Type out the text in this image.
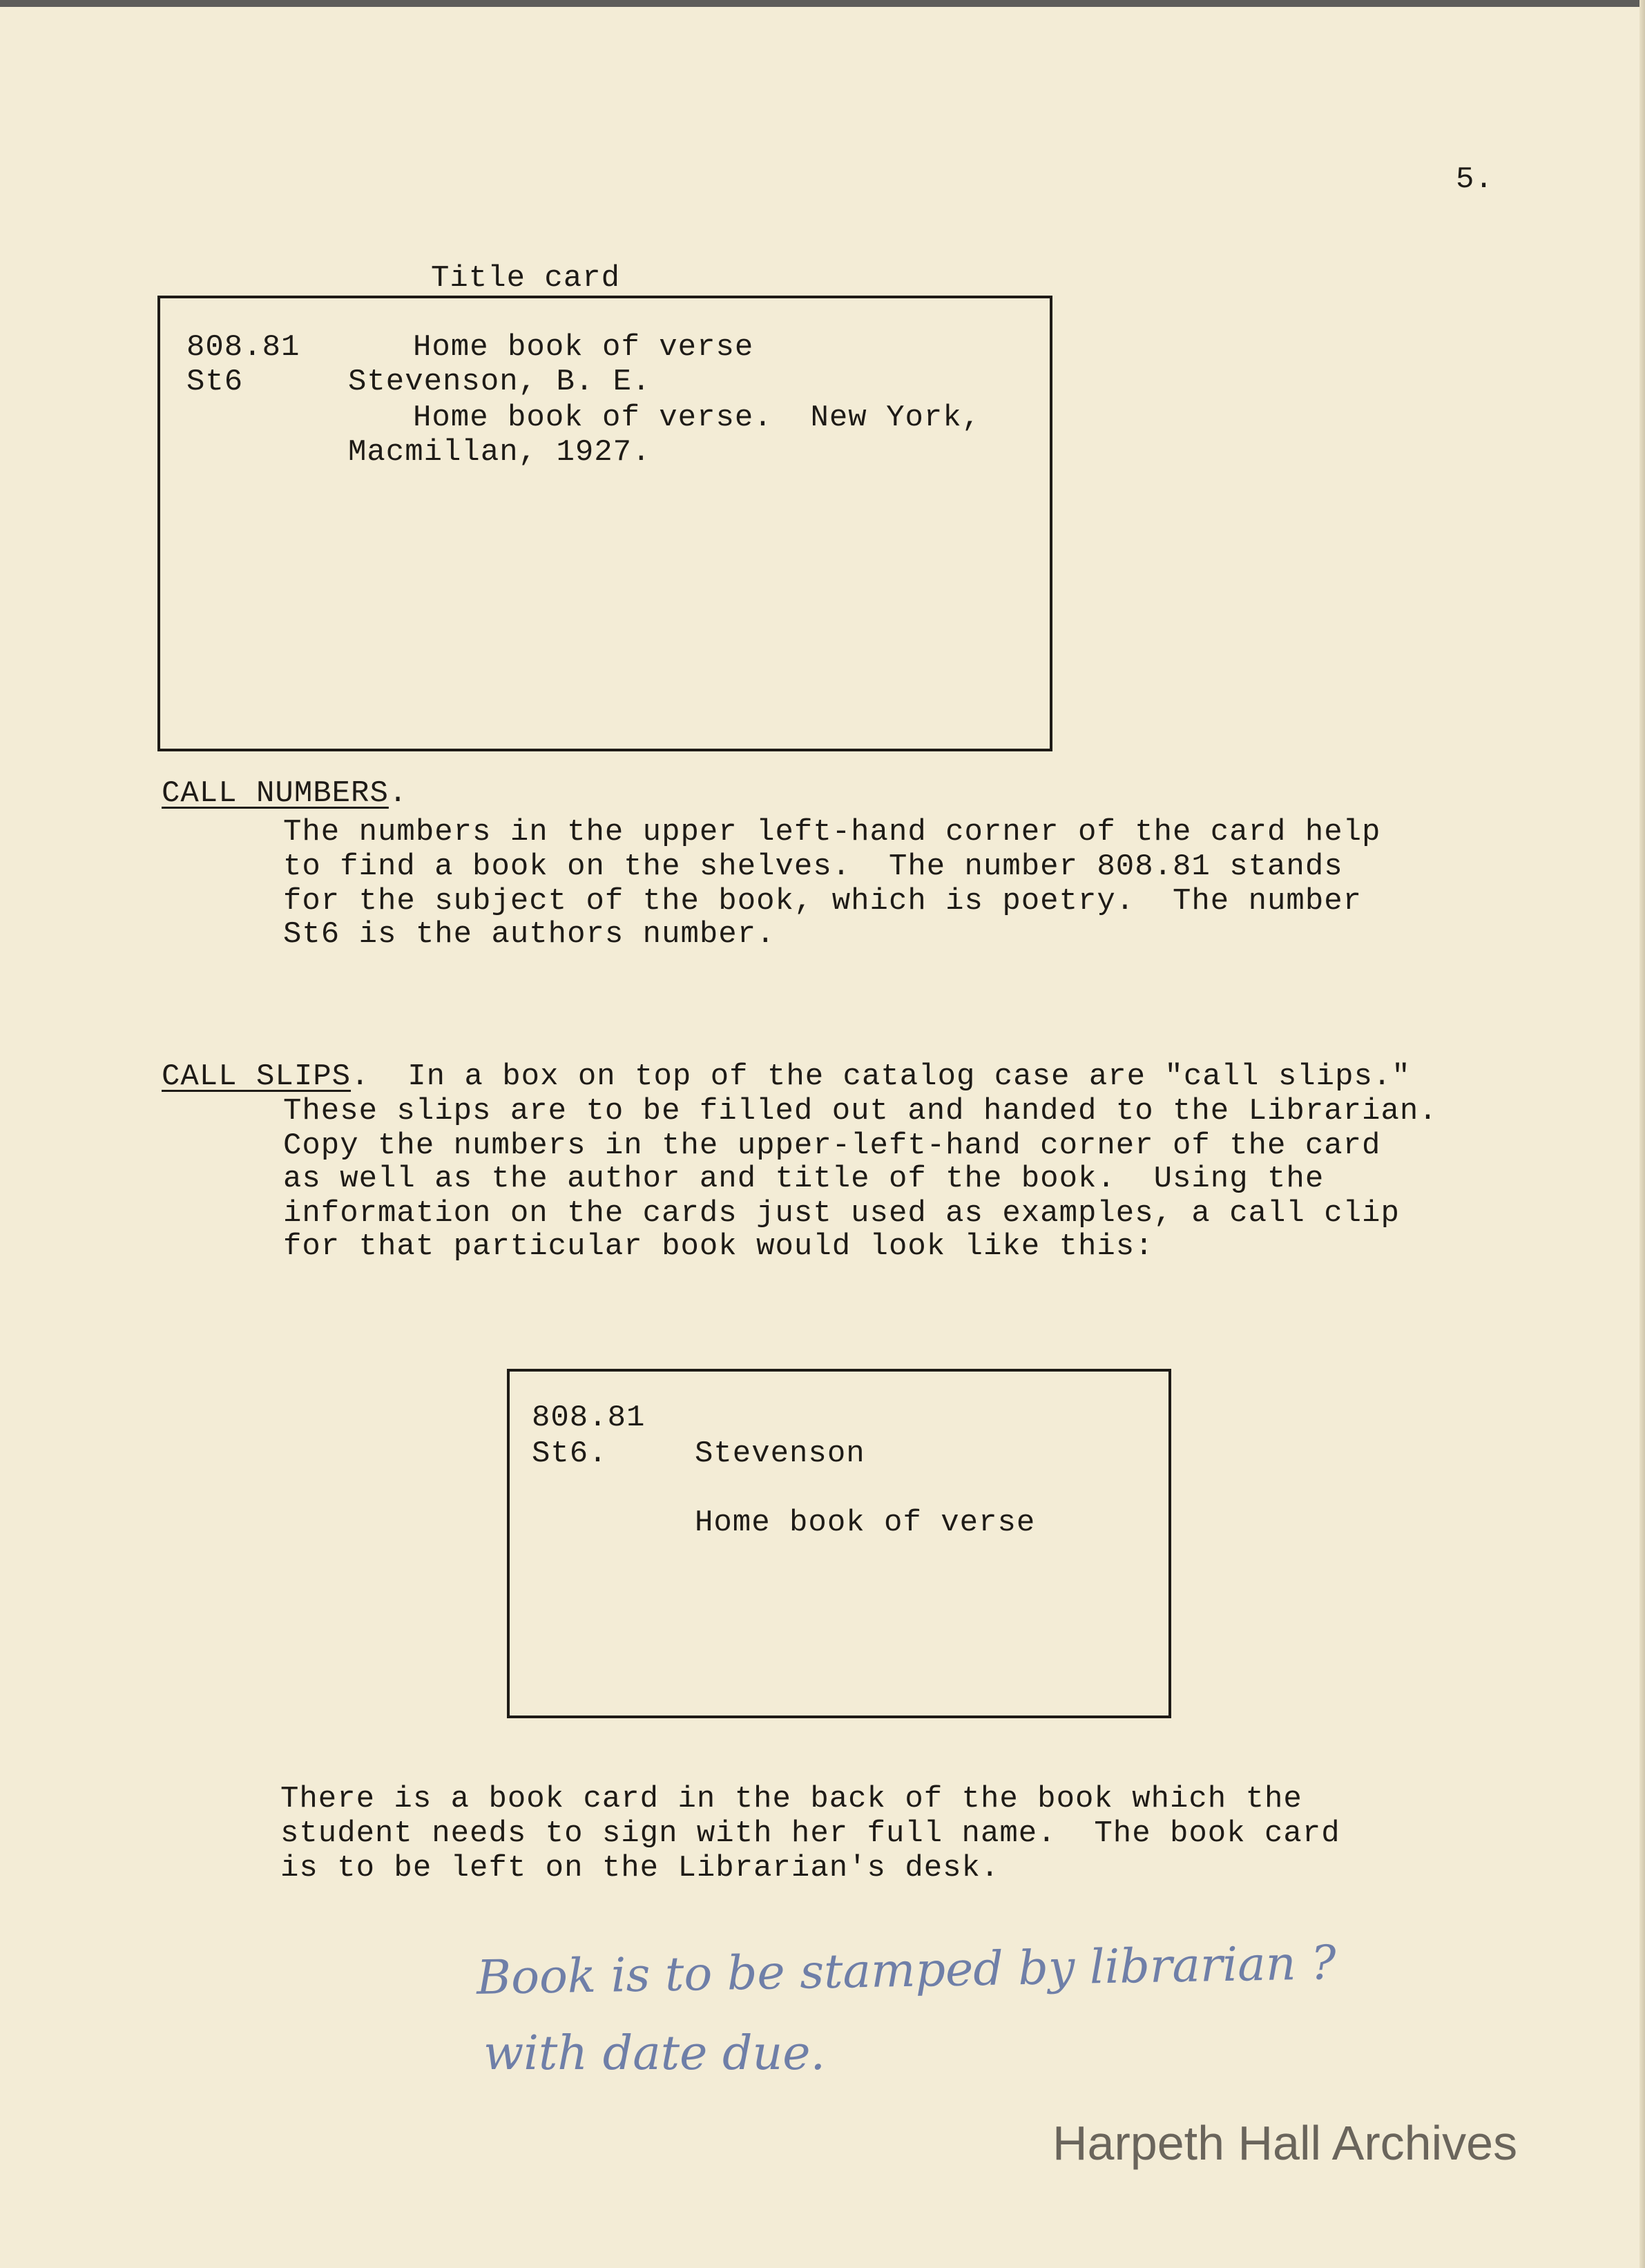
5.
Title card
808.81
St6
Home book of verse
Stevenson, B. E.
Home book of verse.  New York,
Macmillan, 1927.
CALL NUMBERS.
The numbers in the upper left-hand corner of the card help
to find a book on the shelves.  The number 808.81 stands
for the subject of the book, which is poetry.  The number
St6 is the authors number.
CALL SLIPS.  In a box on top of the catalog case are "call slips."
These slips are to be filled out and handed to the Librarian.
Copy the numbers in the upper-left-hand corner of the card
as well as the author and title of the book.  Using the
information on the cards just used as examples, a call clip
for that particular book would look like this:
808.81
St6.	Stevenson
Home book of verse
There is a book card in the back of the book which the
student needs to sign with her full name.  The book card
is to be left on the Librarian's desk.
Book is to be stamped by librarian ?
with date due.
Harpeth Hall Archives
